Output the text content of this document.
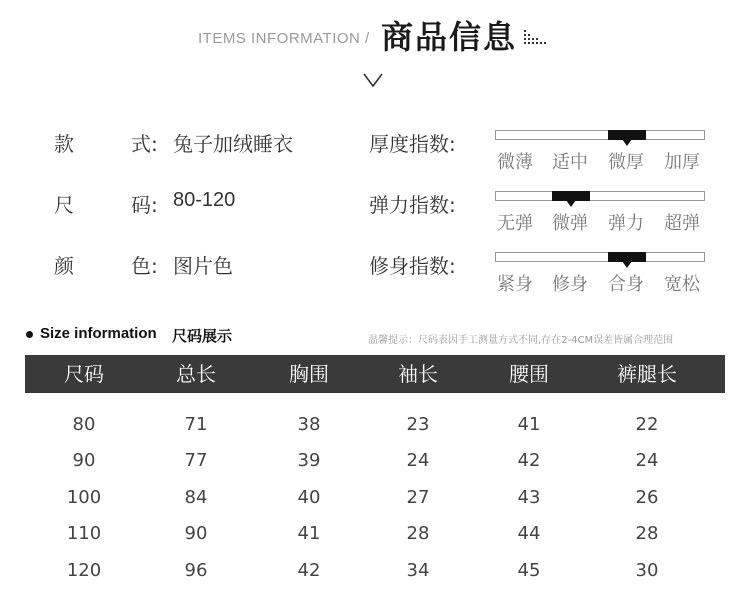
ITEMS INFORMATION / 商品信息
款	式: 兔子加绒睡衣
尺	码: 80-120
颜	色: 图片色
厚度指数:
微薄 适中 微厚 加厚
弹力指数:
无弹 微弹 弹力 超弹
修身指数:
紧身 修身 合身 宽松
Size information 尺码展示	温馨提示：尺码表因手工测量方式不同,存在2-4CM误差皆属合理范围
尺码	总长	胸围	袖长	腰围	裤腿长
80	71	38	23	41	22
90	77	39	24	42	24
100	84	40	27	43	26
110	90	41	28	44	28
120	96	42	34	45	30
